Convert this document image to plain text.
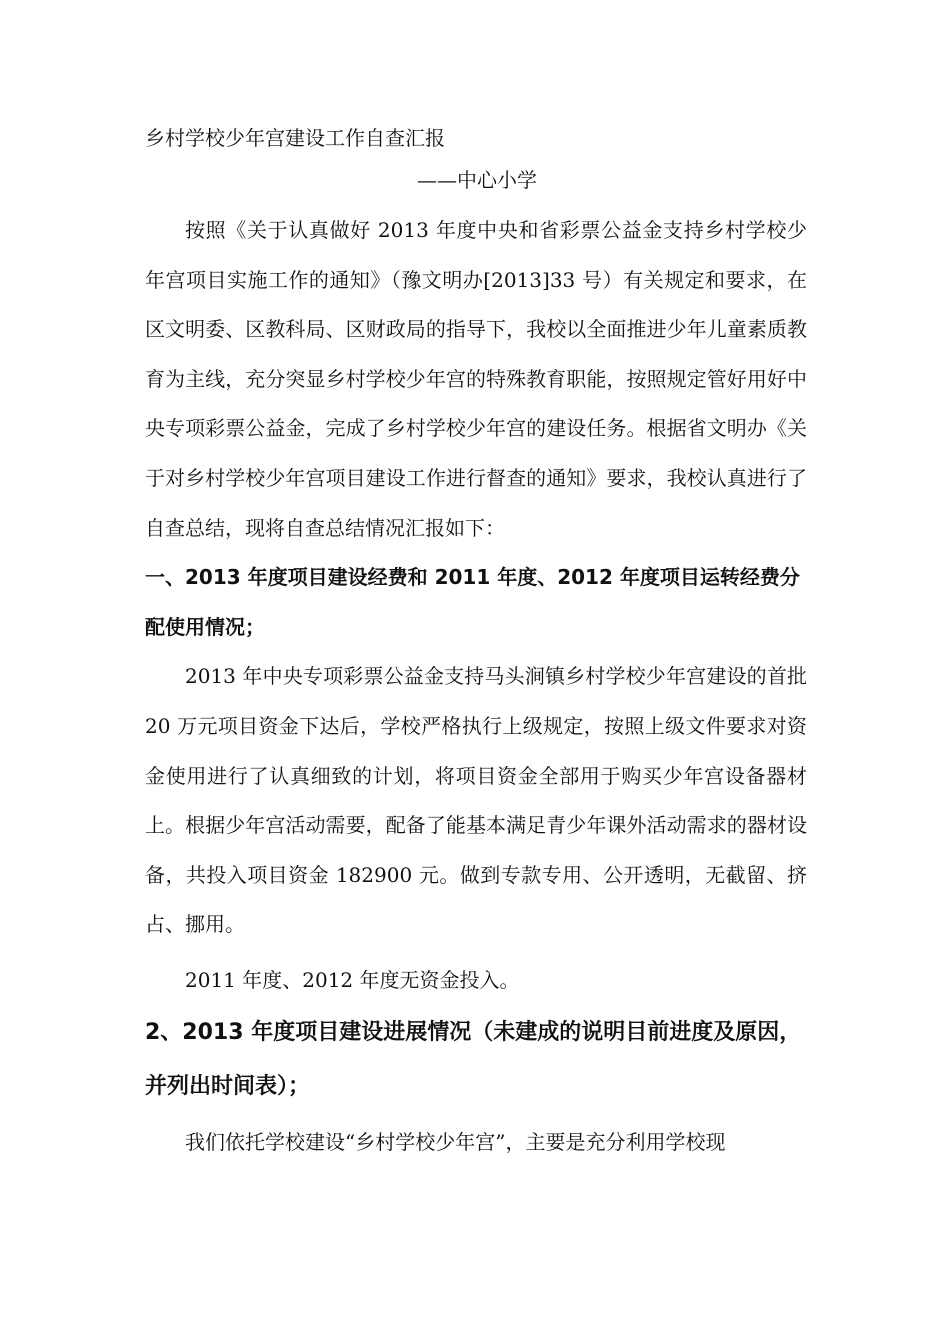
乡村学校少年宫建设工作自查汇报
——中心小学

按照《关于认真做好 2013 年度中央和省彩票公益金支持乡村学校少年宫项目实施工作的通知》（豫文明办[2013]33 号）有关规定和要求，在区文明委、区教科局、区财政局的指导下，我校以全面推进少年儿童素质教育为主线，充分突显乡村学校少年宫的特殊教育职能，按照规定管好用好中央专项彩票公益金，完成了乡村学校少年宫的建设任务。根据省文明办《关于对乡村学校少年宫项目建设工作进行督查的通知》要求，我校认真进行了自查总结，现将自查总结情况汇报如下：

一、2013 年度项目建设经费和 2011 年度、2012 年度项目运转经费分配使用情况；

2013 年中央专项彩票公益金支持马头涧镇乡村学校少年宫建设的首批 20 万元项目资金下达后，学校严格执行上级规定，按照上级文件要求对资金使用进行了认真细致的计划，将项目资金全部用于购买少年宫设备器材上。根据少年宫活动需要，配备了能基本满足青少年课外活动需求的器材设备，共投入项目资金 182900 元。做到专款专用、公开透明，无截留、挤占、挪用。

2011 年度、2012 年度无资金投入。

2、2013 年度项目建设进展情况（未建成的说明目前进度及原因，并列出时间表）；

我们依托学校建设“乡村学校少年宫”，主要是充分利用学校现
